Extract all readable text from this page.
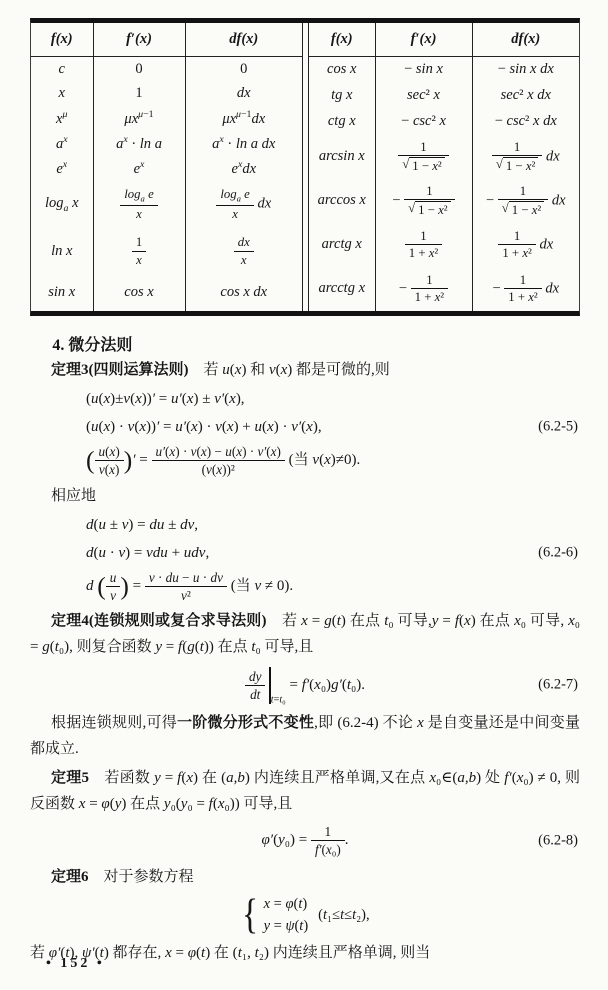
f(x)	f′(x)	df(x)
c	0	0
x	1	dx
$x^\mu$	$\mu x^{\mu-1}$	$\mu x^{\mu-1}dx$
$a^x$	$a^x \cdot \ln a$	$a^x \cdot \ln a$ dx
$e^x$	$e^x$	$e^xdx$
$\log_a x$	$\frac{\log_a e}{x}$	$\frac{\log_a e}{x}$ dx
ln x	$\frac{1}{x}$	$\frac{dx}{x}$

sin x	cos x	cos x dx
f(x)	f′(x)	df(x)
cos x	− sin x	− sin x dx
tg x	sec² x	sec² x dx
ctg x	− csc² x	− csc² x dx
arcsin x	$\frac{1}{\text{√ 1 − x²}}$	$\frac{1}{\text{√ 1 − x²}}$ dx
arccos x	− $\frac{1}{\text{√ 1 − x²}}$	− $\frac{1}{\text{√ 1 − x²}}$ dx
arctg x	$\frac{1}{\text{1 + x²}}$	$\frac{1}{\text{1 + x²}}$ dx
arcctg x	− $\frac{1}{\text{1 + x²}}$	− $\frac{1}{\text{1 + x²}}$ dx
4. 微分法则

定理3(四则运算法则)　若 u(x) 和 v(x) 都是可微的,则

(u(x)±v(x))′ = u′(x) ± v′(x),
(u(x) · v(x))′ = u′(x) · v(x) + u(x) · v′(x),	(6.2-5)
( $\frac{u(x)}{v(x)}$ )′ = $\frac{u'(x) \cdot v(x) - u(x) \cdot v'(x)}{\text{(v(x))²}}$ (当 v(x)≠0).

相应地

d(u ± v) = du ± dv,
d(u · v) = vdu + udv,	(6.2-6)
d ( $\frac{u}{v}$ ) = $\frac{v \cdot du - u \cdot dv}{\text{v²}}$ (当 v ≠ 0).

定理4(连锁规则或复合求导法则)　若 x = g(t) 在点 t₀ 可导,y = f(x) 在点 x₀ 可导, x₀ = g(t₀), 则复合函数 y = f(g(t)) 在点 t₀ 可导,且

$\frac{dy}{dt} _{t=t_0}$
= f′(x₀)g′(t₀).	(6.2-7)

根据连锁规则,可得一阶微分形式不变性,即 (6.2-4) 不论 x 是自变量还是中间变量都成立.

定理5　若函数 y = f(x) 在 (a,b) 内连续且严格单调,又在点 x₀∈(a,b) 处 f′(x₀) ≠ 0, 则反函数 x = φ(y) 在点 y₀(y₀ = f(x₀)) 可导,且

$\varphi'(y_0) = \frac{1}{\text{f′(x₀)}}$ .	(6.2-8)

定理6　对于参数方程

{ x = φ(t)
y = ψ(t)
(t₁≤t≤t₂),

若 φ′(t), ψ′(t) 都存在, x = φ(t) 在 (t₁, t₂) 内连续且严格单调, 则当

• 152 •
